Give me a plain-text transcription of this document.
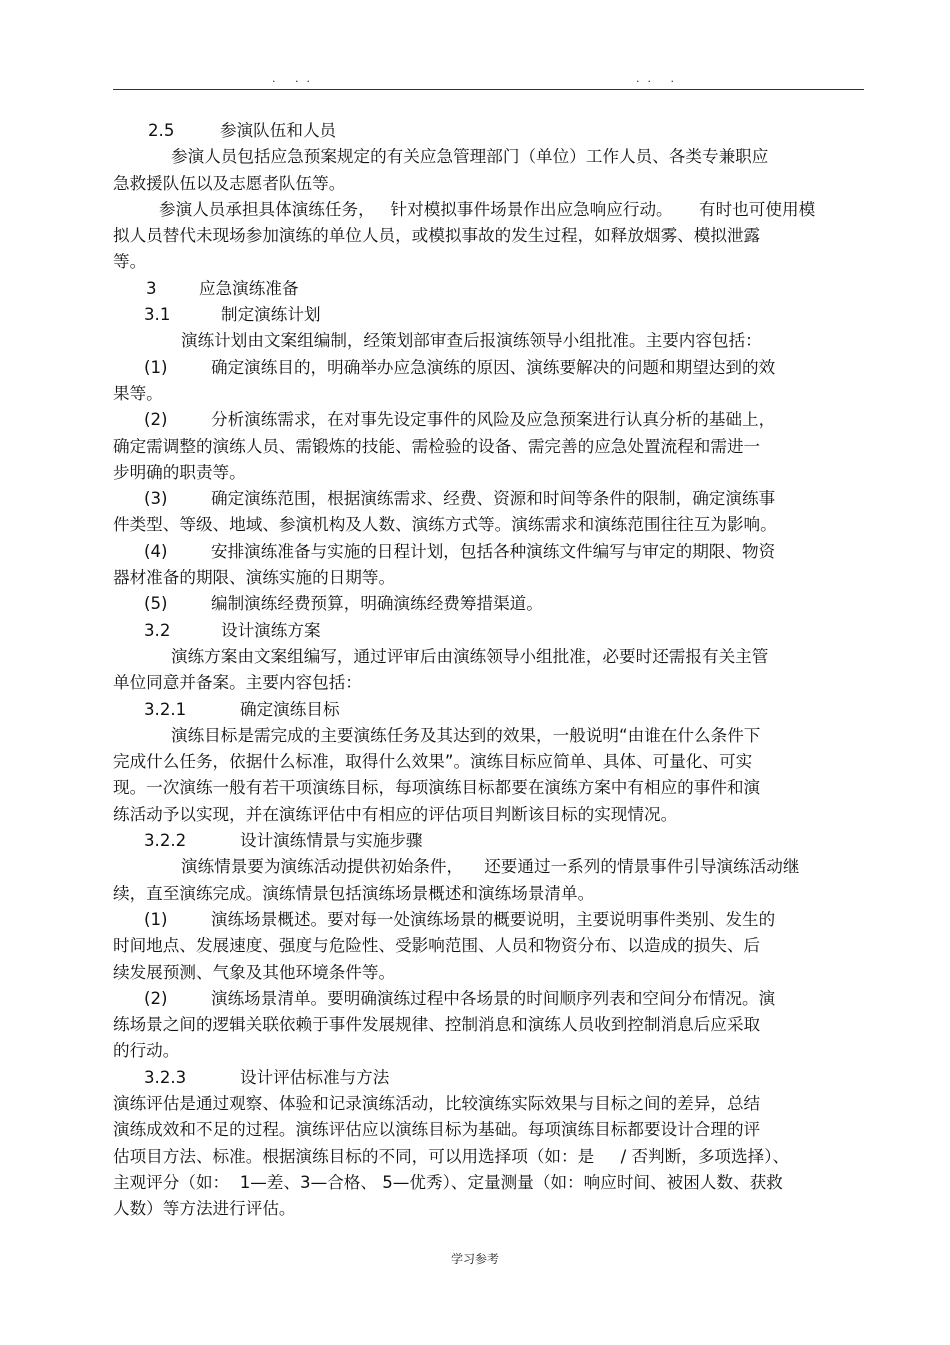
. ..	.. .
2.5	参演队伍和人员
参演人员包括应急预案规定的有关应急管理部门（单位）工作人员、各类专兼职应
急救援队伍以及志愿者队伍等。
参演人员承担具体演练任务，   针对模拟事件场景作出应急响应行动。     有时也可使用模
拟人员替代未现场参加演练的单位人员，或模拟事故的发生过程，如释放烟雾、模拟泄露
等。
3	应急演练准备
3.1	制定演练计划
演练计划由文案组编制，经策划部审查后报演练领导小组批准。主要内容包括：
(1)	确定演练目的，明确举办应急演练的原因、演练要解决的问题和期望达到的效
果等。
(2)	分析演练需求，在对事先设定事件的风险及应急预案进行认真分析的基础上，
确定需调整的演练人员、需锻炼的技能、需检验的设备、需完善的应急处置流程和需进一
步明确的职责等。
(3)	确定演练范围，根据演练需求、经费、资源和时间等条件的限制，确定演练事
件类型、等级、地域、参演机构及人数、演练方式等。演练需求和演练范围往往互为影响。
(4)	安排演练准备与实施的日程计划，包括各种演练文件编写与审定的期限、物资
器材准备的期限、演练实施的日期等。
(5)	编制演练经费预算，明确演练经费筹措渠道。
3.2	设计演练方案
演练方案由文案组编写，通过评审后由演练领导小组批准，必要时还需报有关主管
单位同意并备案。主要内容包括：
3.2.1	确定演练目标
演练目标是需完成的主要演练任务及其达到的效果，一般说明“由谁在什么条件下
完成什么任务，依据什么标准，取得什么效果”。演练目标应简单、具体、可量化、可实
现。一次演练一般有若干项演练目标，每项演练目标都要在演练方案中有相应的事件和演
练活动予以实现，并在演练评估中有相应的评估项目判断该目标的实现情况。
3.2.2	设计演练情景与实施步骤
演练情景要为演练活动提供初始条件，    还要通过一系列的情景事件引导演练活动继
续，直至演练完成。演练情景包括演练场景概述和演练场景清单。
(1)	演练场景概述。要对每一处演练场景的概要说明，主要说明事件类别、发生的
时间地点、发展速度、强度与危险性、受影响范围、人员和物资分布、以造成的损失、后
续发展预测、气象及其他环境条件等。
(2)	演练场景清单。要明确演练过程中各场景的时间顺序列表和空间分布情况。演
练场景之间的逻辑关联依赖于事件发展规律、控制消息和演练人员收到控制消息后应采取
的行动。
3.2.3	设计评估标准与方法
演练评估是通过观察、体验和记录演练活动，比较演练实际效果与目标之间的差异，总结
演练成效和不足的过程。演练评估应以演练目标为基础。每项演练目标都要设计合理的评
估项目方法、标准。根据演练目标的不同，可以用选择项（如：是     / 否判断，多项选择）、
主观评分（如：  1—差、3—合格、 5—优秀）、定量测量（如：响应时间、被困人数、获救
人数）等方法进行评估。
学习参考
